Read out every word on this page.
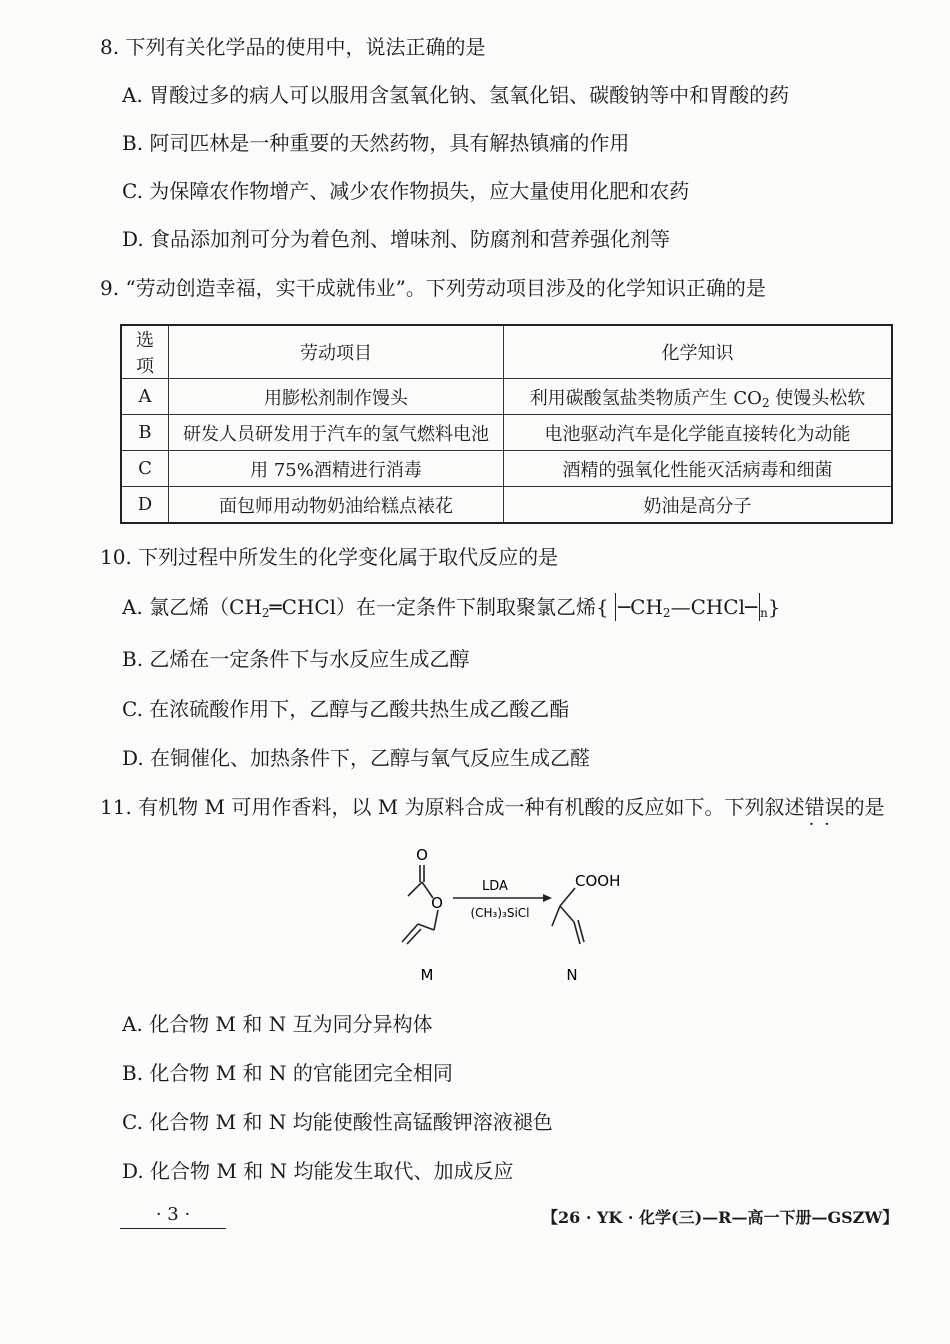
8. 下列有关化学品的使用中，说法正确的是
A. 胃酸过多的病人可以服用含氢氧化钠、氢氧化铝、碳酸钠等中和胃酸的药
B. 阿司匹林是一种重要的天然药物，具有解热镇痛的作用
C. 为保障农作物增产、减少农作物损失，应大量使用化肥和农药
D. 食品添加剂可分为着色剂、增味剂、防腐剂和营养强化剂等
9. “劳动创造幸福，实干成就伟业”。下列劳动项目涉及的化学知识正确的是
选项	劳动项目	化学知识
A	用膨松剂制作馒头	利用碳酸氢盐类物质产生 $CO_2$ 使馒头松软
B	研发人员研发用于汽车的氢气燃料电池	电池驱动汽车是化学能直接转化为动能
C	用 75%酒精进行消毒	酒精的强氧化性能灭活病毒和细菌
D	面包师用动物奶油给糕点裱花	奶油是高分子
10. 下列过程中所发生的化学变化属于取代反应的是
A. 氯乙烯$(CH_2═CHCl)$在一定条件下制取聚氯乙烯{ $─CH_2—CHCl─$ $_n$}
B. 乙烯在一定条件下与水反应生成乙醇
C. 在浓硫酸作用下，乙醇与乙酸共热生成乙酸乙酯
D. 在铜催化、加热条件下，乙醇与氧气反应生成乙醛
11. 有机物 M 可用作香料，以 M 为原料合成一种有机酸的反应如下。下列叙述错误 · ·的是
O
O
LDA
(CH₃)₃SiCl
COOH
M	N
A. 化合物 M 和 N 互为同分异构体
B. 化合物 M 和 N 的官能团完全相同
C. 化合物 M 和 N 均能使酸性高锰酸钾溶液褪色
D. 化合物 M 和 N 均能发生取代、加成反应
· 3 ·	【26 · YK · 化学(三)—R—高一下册—GSZW】
